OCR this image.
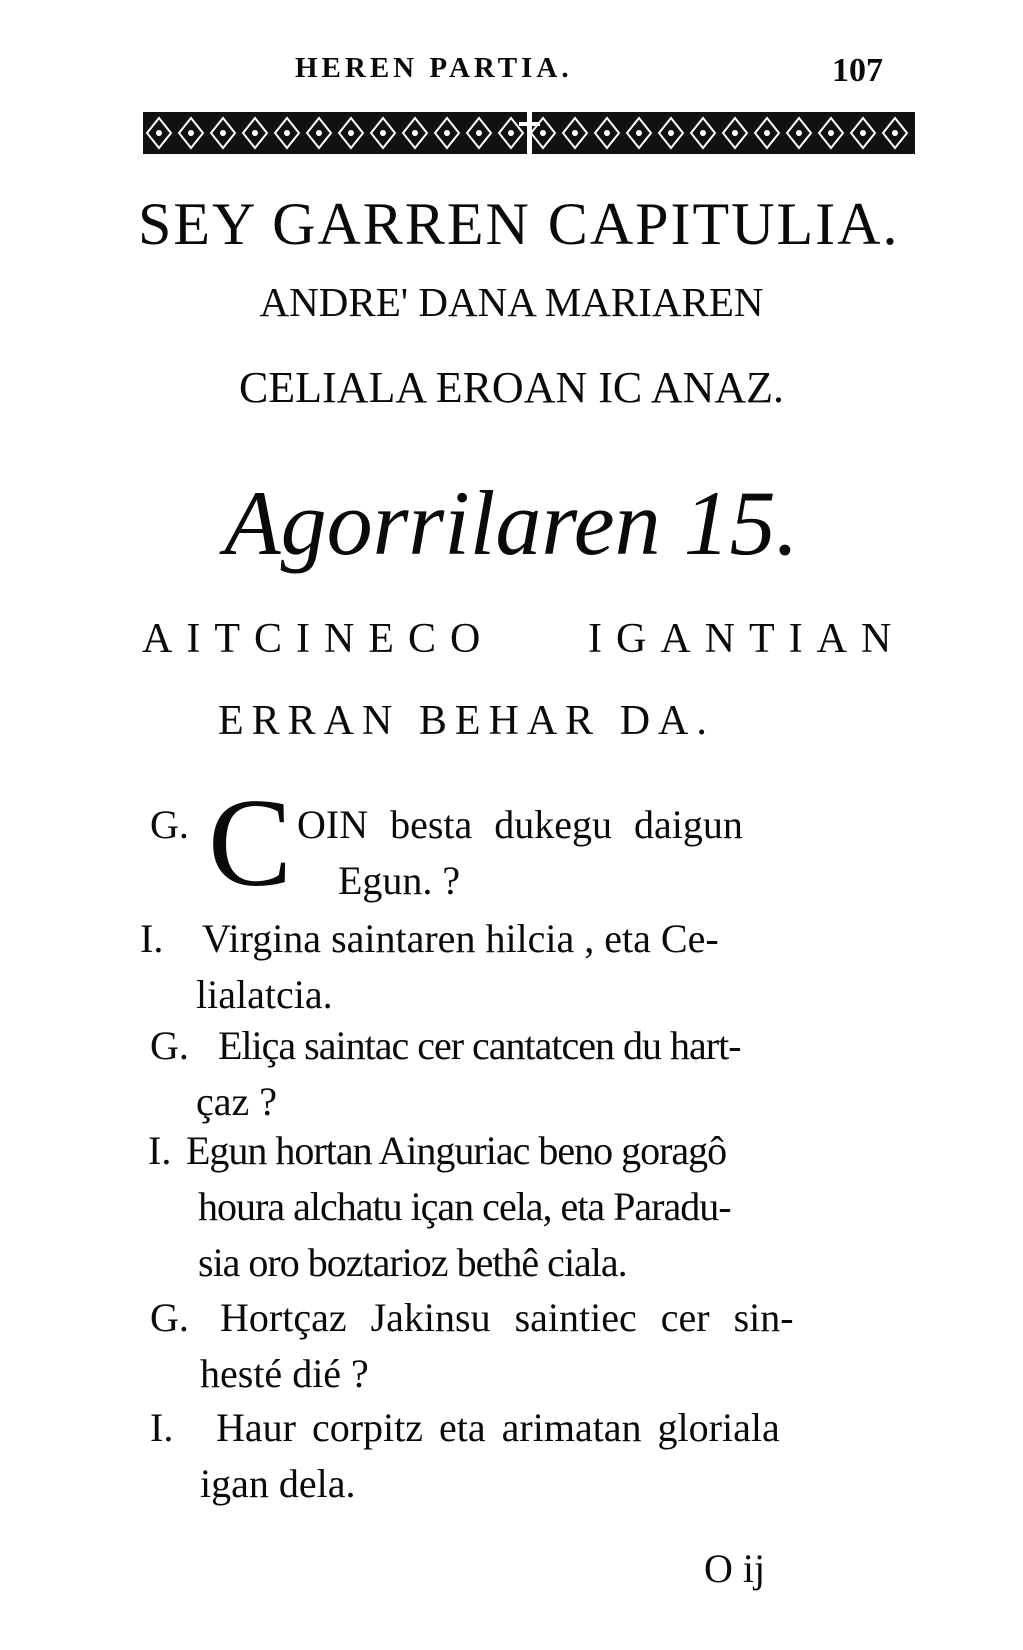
HEREN PARTIA.	107
SEY GARREN CAPITULIA.
ANDRE' DANA MARIAREN
CELIALA EROAN IC ANAZ.
Agorrilaren 15.
AITCINECO IGANTIAN
ERRAN BEHAR DA.
G. C OIN besta dukegu daigun
Egun. ?
I. Virgina saintaren hilcia , eta Ce-
lialatcia.
G. Eliça saintac cer cantatcen du hart-
çaz ?
I. Egun hortan Ainguriac beno goragô
houra alchatu içan cela, eta Paradu-
sia oro boztarioz bethê ciala.
G. Hortçaz Jakinsu saintiec cer sin-
hesté dié ?
I. Haur corpitz eta arimatan gloriala
igan dela.
O ij
